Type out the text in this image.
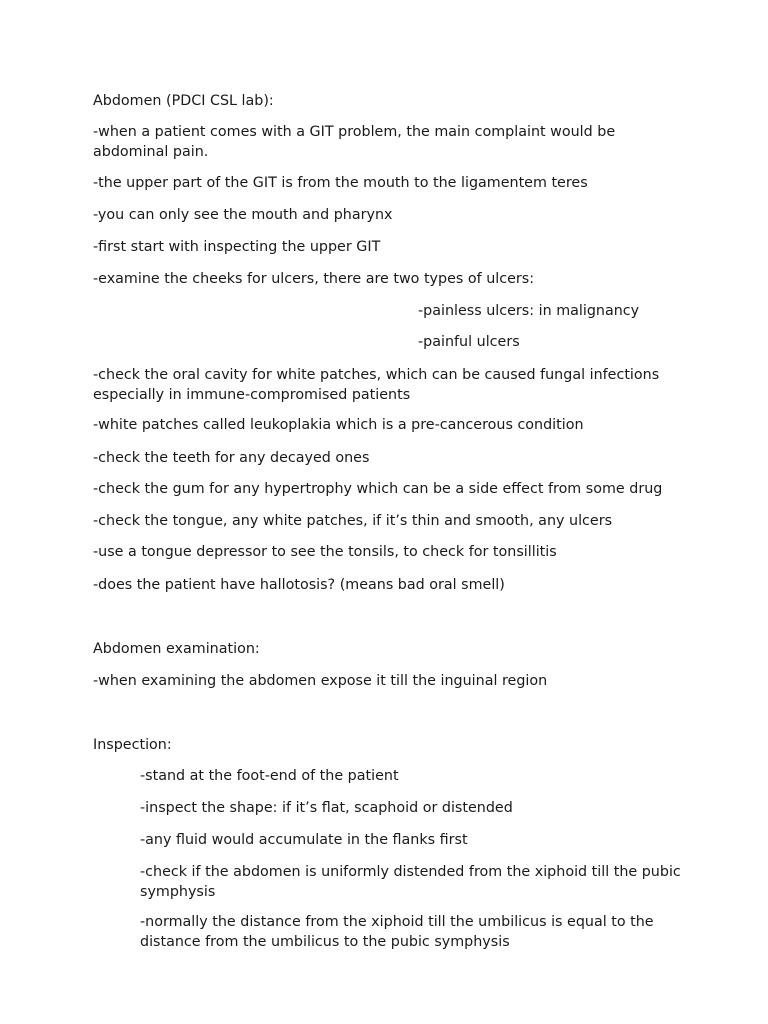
Abdomen (PDCI CSL lab):

-when a patient comes with a GIT problem, the main complaint would be abdominal pain.

-the upper part of the GIT is from the mouth to the ligamentem teres

-you can only see the mouth and pharynx

-first start with inspecting the upper GIT

-examine the cheeks for ulcers, there are two types of ulcers:

-painless ulcers: in malignancy

-painful ulcers

-check the oral cavity for white patches, which can be caused fungal infections especially in immune-compromised patients

-white patches called leukoplakia which is a pre-cancerous condition

-check the teeth for any decayed ones

-check the gum for any hypertrophy which can be a side effect from some drug

-check the tongue, any white patches, if it’s thin and smooth, any ulcers

-use a tongue depressor to see the tonsils, to check for tonsillitis

-does the patient have hallotosis? (means bad oral smell)

Abdomen examination:

-when examining the abdomen expose it till the inguinal region

Inspection:

-stand at the foot-end of the patient

-inspect the shape: if it’s flat, scaphoid or distended

-any fluid would accumulate in the flanks first

-check if the abdomen is uniformly distended from the xiphoid till the pubic symphysis

-normally the distance from the xiphoid till the umbilicus is equal to the distance from the umbilicus to the pubic symphysis
